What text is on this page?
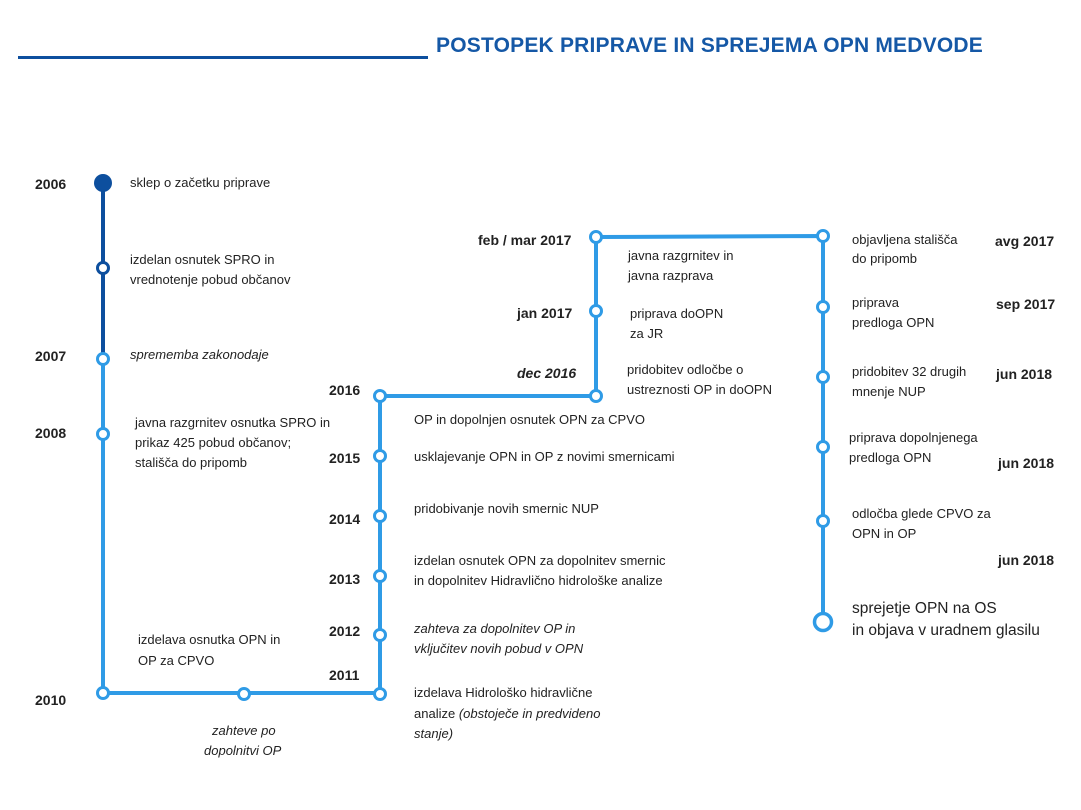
POSTOPEK PRIPRAVE IN SPREJEMA OPN MEDVODE
2006
2007
2008
2010
2011
2012
2013
2014
2015
2016
dec 2016
jan 2017
feb / mar 2017	avg 2017
sep 2017
jun 2018
jun 2018
jun 2018
sklep o začetku priprave
izdelan osnutek SPRO in
vrednotenje pobud občanov
sprememba zakonodaje
javna razgrnitev osnutka SPRO in
prikaz 425 pobud občanov;
stališča do pripomb
izdelava osnutka OPN in
OP za CPVO
zahteve po
dopolnitvi OP
izdelava Hidrološko hidravlične
analize (obstoječe in predvideno
stanje)
zahteva za dopolnitev OP in
vključitev novih pobud v OPN
izdelan osnutek OPN za dopolnitev smernic
in dopolnitev Hidravlično hidrološke analize
pridobivanje novih smernic NUP
usklajevanje OPN in OP z novimi smernicami
OP in dopolnjen osnutek OPN za CPVO
pridobitev odločbe o
ustreznosti OP in doOPN
priprava doOPN
za JR
javna razgrnitev in
javna razprava
objavljena stališča
do pripomb
priprava
predloga OPN
pridobitev 32 drugih
mnenje NUP
priprava dopolnjenega
predloga OPN
odločba glede CPVO za
OPN in OP
sprejetje OPN na OS
in objava v uradnem glasilu
